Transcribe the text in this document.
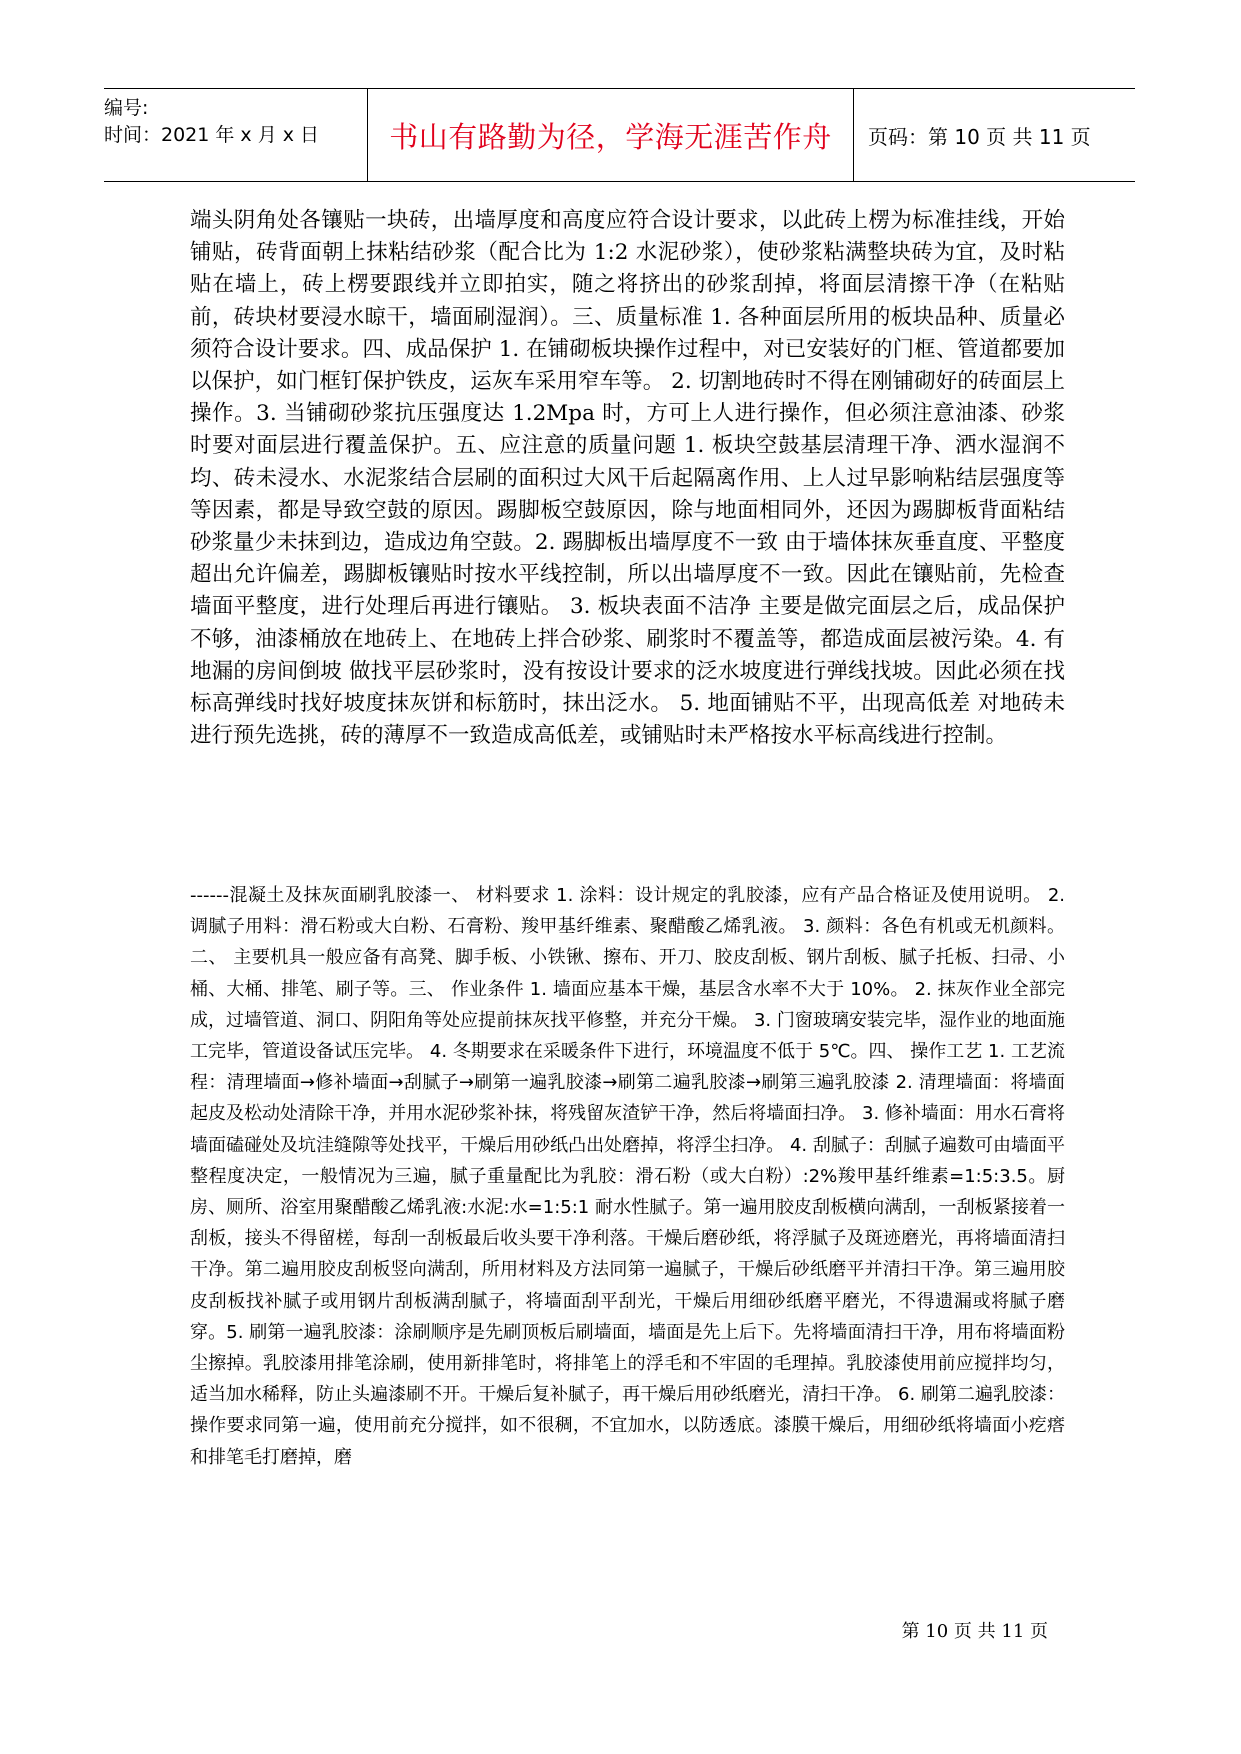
编号:
时间：2021 年 x 月 x 日	书山有路勤为径，学海无涯苦作舟	页码：第 10 页 共 11 页

端头阴角处各镶贴一块砖，出墙厚度和高度应符合设计要求，以此砖上楞为标准挂线，开始铺贴，砖背面朝上抹粘结砂浆（配合比为 1:2 水泥砂浆），使砂浆粘满整块砖为宜，及时粘贴在墙上，砖上楞要跟线并立即拍实，随之将挤出的砂浆刮掉，将面层清擦干净（在粘贴前，砖块材要浸水晾干，墙面刷湿润）。三、质量标准 1. 各种面层所用的板块品种、质量必须符合设计要求。四、成品保护 1. 在铺砌板块操作过程中，对已安装好的门框、管道都要加以保护，如门框钉保护铁皮，运灰车采用窄车等。 2. 切割地砖时不得在刚铺砌好的砖面层上操作。3. 当铺砌砂浆抗压强度达 1.2Mpa 时，方可上人进行操作，但必须注意油漆、砂浆时要对面层进行覆盖保护。五、应注意的质量问题 1. 板块空鼓基层清理干净、洒水湿润不均、砖未浸水、水泥浆结合层刷的面积过大风干后起隔离作用、上人过早影响粘结层强度等等因素，都是导致空鼓的原因。踢脚板空鼓原因，除与地面相同外，还因为踢脚板背面粘结砂浆量少未抹到边，造成边角空鼓。2. 踢脚板出墙厚度不一致 由于墙体抹灰垂直度、平整度超出允许偏差，踢脚板镶贴时按水平线控制，所以出墙厚度不一致。因此在镶贴前，先检查墙面平整度，进行处理后再进行镶贴。 3. 板块表面不洁净 主要是做完面层之后，成品保护不够，油漆桶放在地砖上、在地砖上拌合砂浆、刷浆时不覆盖等，都造成面层被污染。4. 有地漏的房间倒坡 做找平层砂浆时，没有按设计要求的泛水坡度进行弹线找坡。因此必须在找标高弹线时找好坡度抹灰饼和标筋时，抹出泛水。 5. 地面铺贴不平，出现高低差 对地砖未进行预先选挑，砖的薄厚不一致造成高低差，或铺贴时未严格按水平标高线进行控制。

------混凝土及抹灰面刷乳胶漆一、 材料要求 1. 涂料：设计规定的乳胶漆，应有产品合格证及使用说明。 2. 调腻子用料：滑石粉或大白粉、石膏粉、羧甲基纤维素、聚醋酸乙烯乳液。 3. 颜料：各色有机或无机颜料。二、 主要机具一般应备有高凳、脚手板、小铁锹、擦布、开刀、胶皮刮板、钢片刮板、腻子托板、扫帚、小桶、大桶、排笔、刷子等。三、 作业条件 1. 墙面应基本干燥，基层含水率不大于 10%。 2. 抹灰作业全部完成，过墙管道、洞口、阴阳角等处应提前抹灰找平修整，并充分干燥。 3. 门窗玻璃安装完毕，湿作业的地面施工完毕，管道设备试压完毕。 4. 冬期要求在采暖条件下进行，环境温度不低于 5℃。四、 操作工艺 1. 工艺流程：清理墙面→修补墙面→刮腻子→刷第一遍乳胶漆→刷第二遍乳胶漆→刷第三遍乳胶漆 2. 清理墙面：将墙面起皮及松动处清除干净，并用水泥砂浆补抹，将残留灰渣铲干净，然后将墙面扫净。 3. 修补墙面：用水石膏将墙面磕碰处及坑洼缝隙等处找平，干燥后用砂纸凸出处磨掉，将浮尘扫净。 4. 刮腻子：刮腻子遍数可由墙面平整程度决定，一般情况为三遍，腻子重量配比为乳胶：滑石粉（或大白粉）:2%羧甲基纤维素=1:5:3.5。厨房、厕所、浴室用聚醋酸乙烯乳液:水泥:水=1:5:1 耐水性腻子。第一遍用胶皮刮板横向满刮，一刮板紧接着一刮板，接头不得留槎，每刮一刮板最后收头要干净利落。干燥后磨砂纸，将浮腻子及斑迹磨光，再将墙面清扫干净。第二遍用胶皮刮板竖向满刮，所用材料及方法同第一遍腻子，干燥后砂纸磨平并清扫干净。第三遍用胶皮刮板找补腻子或用钢片刮板满刮腻子，将墙面刮平刮光，干燥后用细砂纸磨平磨光，不得遗漏或将腻子磨穿。5. 刷第一遍乳胶漆：涂刷顺序是先刷顶板后刷墙面，墙面是先上后下。先将墙面清扫干净，用布将墙面粉尘擦掉。乳胶漆用排笔涂刷，使用新排笔时，将排笔上的浮毛和不牢固的毛理掉。乳胶漆使用前应搅拌均匀，适当加水稀释，防止头遍漆刷不开。干燥后复补腻子，再干燥后用砂纸磨光，清扫干净。 6. 刷第二遍乳胶漆：操作要求同第一遍，使用前充分搅拌，如不很稠，不宜加水，以防透底。漆膜干燥后，用细砂纸将墙面小疙瘩和排笔毛打磨掉，磨

第 10 页 共 11 页
